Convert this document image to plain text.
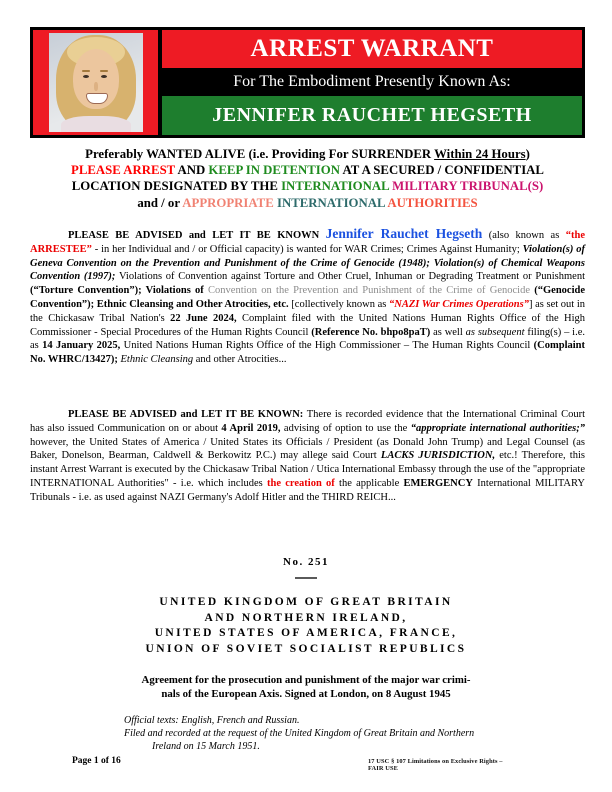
ARREST WARRANT
For The Embodiment Presently Known As:
JENNIFER RAUCHET HEGSETH
Preferably WANTED ALIVE (i.e. Providing For SURRENDER Within 24 Hours)
PLEASE ARREST AND KEEP IN DETENTION AT A SECURED / CONFIDENTIAL
LOCATION DESIGNATED BY THE INTERNATIONAL MILITARY TRIBUNAL(S)
and / or APPROPRIATE INTERNATIONAL AUTHORITIES
PLEASE BE ADVISED and LET IT BE KNOWN Jennifer Rauchet Hegseth (also known as “the ARRESTEE” - in her Individual and / or Official capacity) is wanted for WAR Crimes; Crimes Against Humanity; Violation(s) of Geneva Convention on the Prevention and Punishment of the Crime of Genocide (1948); Violation(s) of Chemical Weapons Convention (1997); Violations of Convention against Torture and Other Cruel, Inhuman or Degrading Treatment or Punishment (“Torture Convention”); Violations of Convention on the Prevention and Punishment of the Crime of Genocide (“Genocide Convention”); Ethnic Cleansing and Other Atrocities, etc. [collectively known as “NAZI War Crimes Operations”] as set out in the Chickasaw Tribal Nation's 22 June 2024, Complaint filed with the United Nations Human Rights Office of the High Commissioner - Special Procedures of the Human Rights Council (Reference No. bhpo8paT) as well as subsequent filing(s) – i.e. as 14 January 2025, United Nations Human Rights Office of the High Commissioner – The Human Rights Council (Complaint No. WHRC/13427); Ethnic Cleansing and other Atrocities...
PLEASE BE ADVISED and LET IT BE KNOWN: There is recorded evidence that the International Criminal Court has also issued Communication on or about 4 April 2019, advising of option to use the “appropriate international authorities;” however, the United States of America / United States its Officials / President (as Donald John Trump) and Legal Counsel (as Baker, Donelson, Bearman, Caldwell & Berkowitz P.C.) may allege said Court LACKS JURISDICTION, etc.! Therefore, this instant Arrest Warrant is executed by the Chickasaw Tribal Nation / Utica International Embassy through the use of the "appropriate INTERNATIONAL Authorities" - i.e. which includes the creation of the applicable EMERGENCY International MILITARY Tribunals - i.e. as used against NAZI Germany's Adolf Hitler and the THIRD REICH...
No. 251
UNITED KINGDOM OF GREAT BRITAIN
AND NORTHERN IRELAND,
UNITED STATES OF AMERICA, FRANCE,
UNION OF SOVIET SOCIALIST REPUBLICS
Agreement for the prosecution and punishment of the major war crimi-
nals of the European Axis. Signed at London, on 8 August 1945
Official texts: English, French and Russian.
Filed and recorded at the request of the United Kingdom of Great Britain and Northern
Ireland on 15 March 1951.
Page 1 of 16	17 USC § 107 Limitations on Exclusive Rights – FAIR USE
